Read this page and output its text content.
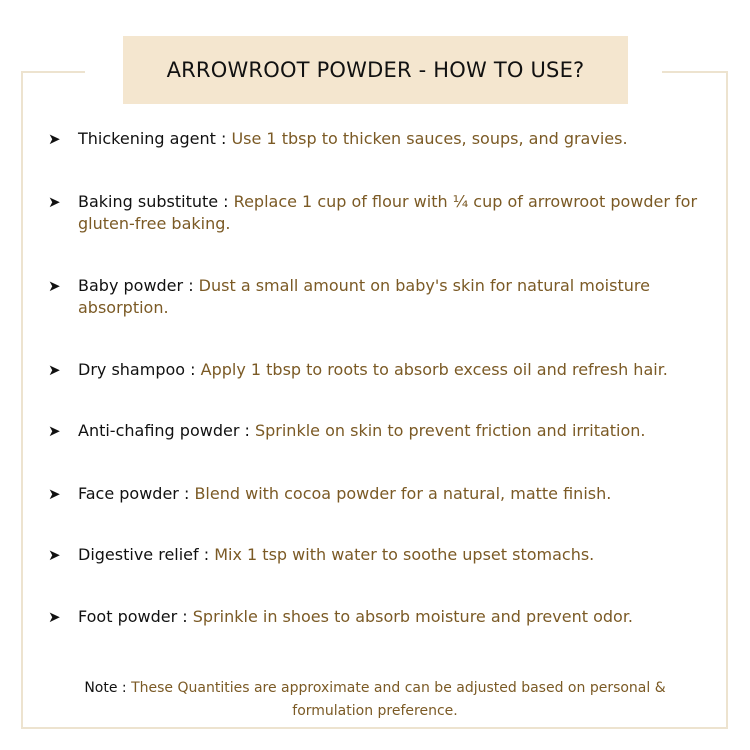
ARROWROOT POWDER - HOW TO USE?
➤ Thickening agent : Use 1 tbsp to thicken sauces, soups, and gravies.
➤ Baking substitute : Replace 1 cup of flour with ¼ cup of arrowroot powder for gluten-free baking.
➤ Baby powder : Dust a small amount on baby's skin for natural moisture absorption.
➤ Dry shampoo : Apply 1 tbsp to roots to absorb excess oil and refresh hair.
➤ Anti-chafing powder : Sprinkle on skin to prevent friction and irritation.
➤ Face powder : Blend with cocoa powder for a natural, matte finish.
➤ Digestive relief : Mix 1 tsp with water to soothe upset stomachs.
➤ Foot powder : Sprinkle in shoes to absorb moisture and prevent odor.
Note : These Quantities are approximate and can be adjusted based on personal & formulation preference.
